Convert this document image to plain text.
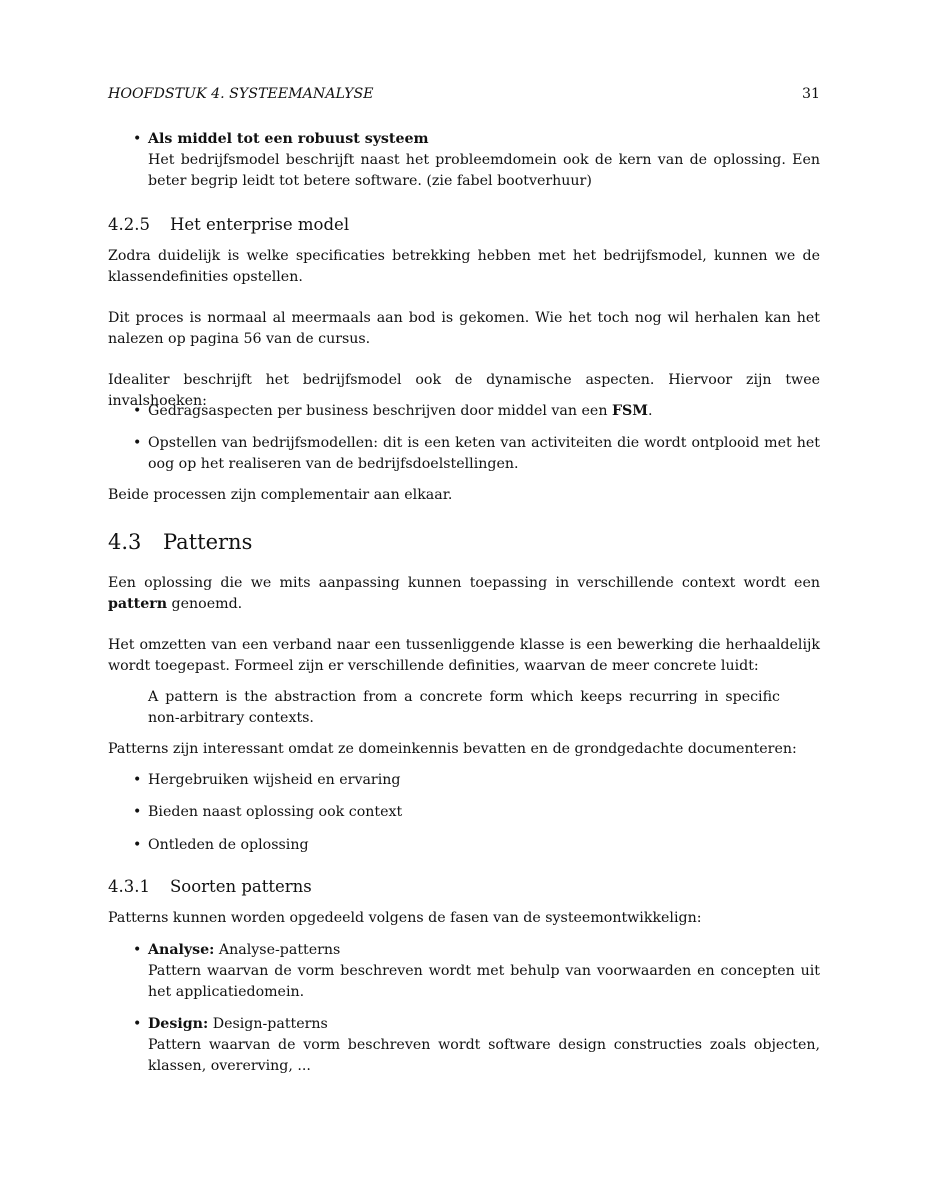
HOOFDSTUK 4. SYSTEEMANALYSE	31
• Als middel tot een robuust systeem

Het bedrijfsmodel beschrijft naast het probleemdomein ook de kern van de oplossing. Een beter begrip leidt tot betere software. (zie fabel bootverhuur)

4.2.5 Het enterprise model

Zodra duidelijk is welke specificaties betrekking hebben met het bedrijfsmodel, kunnen we de klassendefinities opstellen.

Dit proces is normaal al meermaals aan bod is gekomen. Wie het toch nog wil herhalen kan het nalezen op pagina 56 van de cursus.

Idealiter beschrijft het bedrijfsmodel ook de dynamische aspecten. Hiervoor zijn twee invalshoeken:

• Gedragsaspecten per business beschrijven door middel van een FSM.

• Opstellen van bedrijfsmodellen: dit is een keten van activiteiten die wordt ontplooid met het oog op het realiseren van de bedrijfsdoelstellingen.

Beide processen zijn complementair aan elkaar.

4.3 Patterns

Een oplossing die we mits aanpassing kunnen toepassing in verschillende context wordt een pattern genoemd.

Het omzetten van een verband naar een tussenliggende klasse is een bewerking die herhaaldelijk wordt toegepast. Formeel zijn er verschillende definities, waarvan de meer concrete luidt:

A pattern is the abstraction from a concrete form which keeps recurring in specific non-arbitrary contexts.

Patterns zijn interessant omdat ze domeinkennis bevatten en de grondgedachte documenteren:

• Hergebruiken wijsheid en ervaring
• Bieden naast oplossing ook context
• Ontleden de oplossing
4.3.1 Soorten patterns

Patterns kunnen worden opgedeeld volgens de fasen van de systeemontwikkelign:

• Analyse: Analyse-patterns

Pattern waarvan de vorm beschreven wordt met behulp van voorwaarden en concepten uit het applicatiedomein.

• Design: Design-patterns

Pattern waarvan de vorm beschreven wordt software design constructies zoals objecten, klassen, overerving, ...
